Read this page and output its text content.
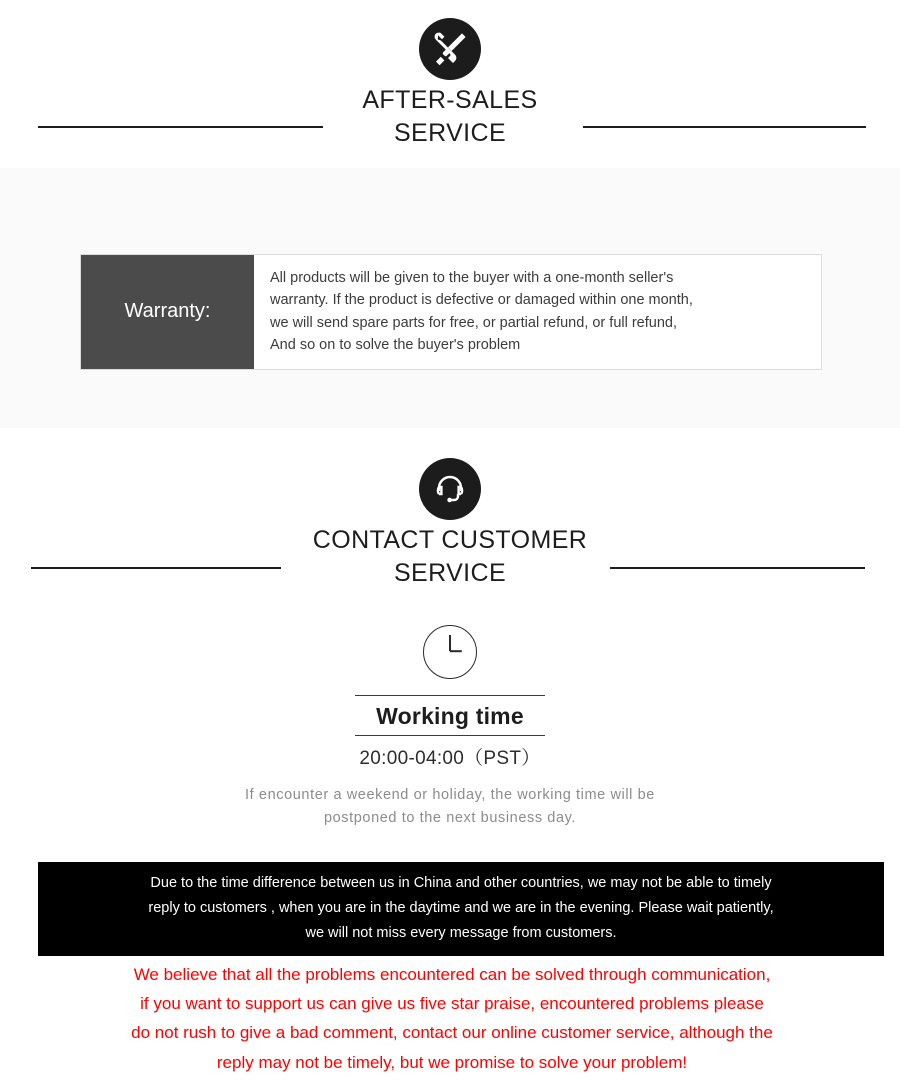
AFTER-SALES
SERVICE
Warranty:

All products will be given to the buyer with a one-month seller's

warranty. If the product is defective or damaged within one month,

we will send spare parts for free, or partial refund, or full refund,

And so on to solve the buyer's problem

CONTACT CUSTOMER
SERVICE
Working time
20:00-04:00（PST）

If encounter a weekend or holiday, the working time will be

postponed to the next business day.

Due to the time difference between us in China and other countries, we may not be able to timely

reply to customers , when you are in the daytime and we are in the evening. Please wait patiently,

we will not miss every message from customers.

We believe that all the problems encountered can be solved through communication,

if you want to support us can give us five star praise, encountered problems please

do not rush to give a bad comment, contact our online customer service, although the

reply may not be timely, but we promise to solve your problem!
